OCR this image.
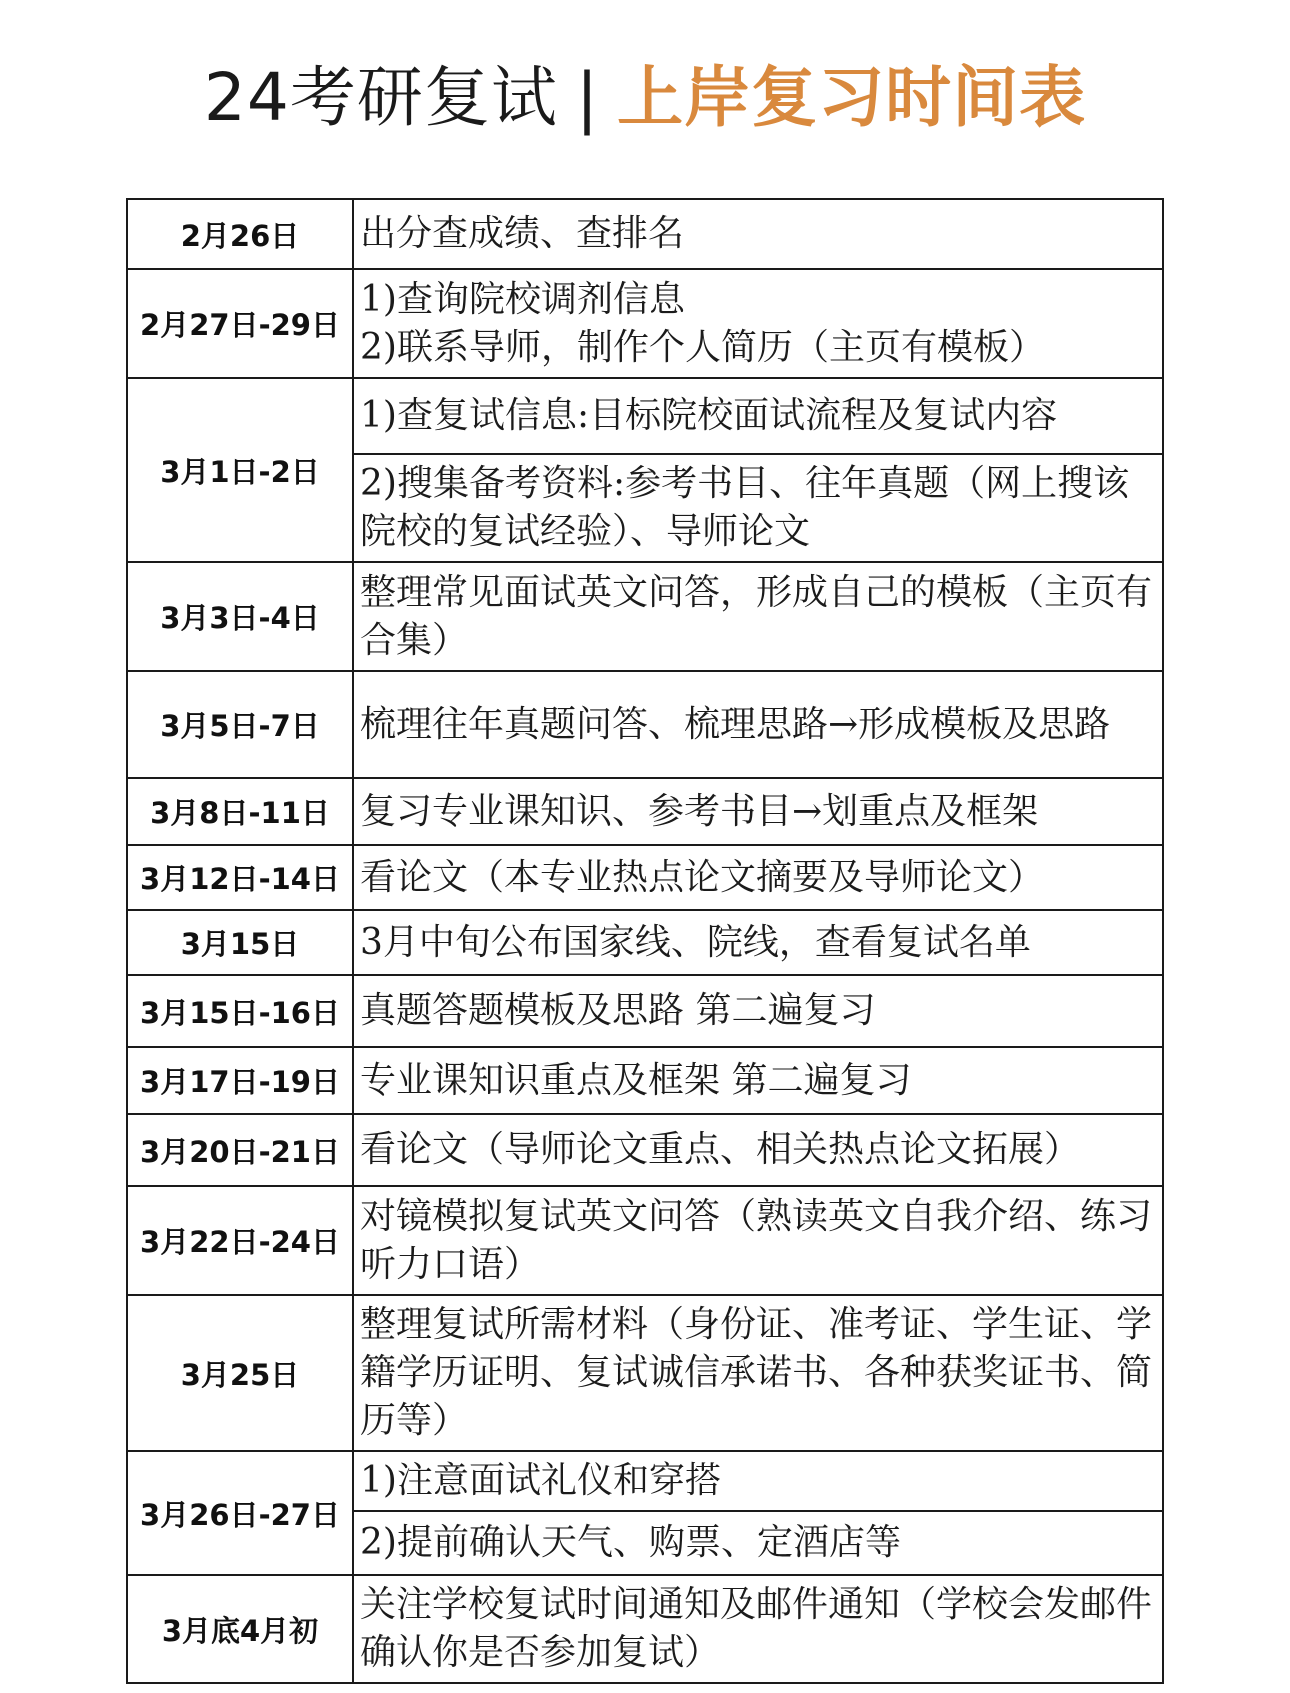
24考研复试 | 上岸复习时间表
2月26日	出分查成绩、查排名
2月27日-29日	1)查询院校调剂信息
2)联系导师，制作个人简历（主页有模板）
3月1日-2日	1)查复试信息:目标院校面试流程及复试内容
	2)搜集备考资料:参考书目、往年真题（网上搜该院校的复试经验）、导师论文
3月3日-4日	整理常见面试英文问答，形成自己的模板（主页有合集）
3月5日-7日	梳理往年真题问答、梳理思路→形成模板及思路
3月8日-11日	复习专业课知识、参考书目→划重点及框架
3月12日-14日	看论文（本专业热点论文摘要及导师论文）
3月15日	3月中旬公布国家线、院线，查看复试名单
3月15日-16日	真题答题模板及思路 第二遍复习
3月17日-19日	专业课知识重点及框架 第二遍复习
3月20日-21日	看论文（导师论文重点、相关热点论文拓展）
3月22日-24日	对镜模拟复试英文问答（熟读英文自我介绍、练习听力口语）
3月25日	整理复试所需材料（身份证、准考证、学生证、学籍学历证明、复试诚信承诺书、各种获奖证书、简历等）
3月26日-27日	1)注意面试礼仪和穿搭
	2)提前确认天气、购票、定酒店等
3月底4月初	关注学校复试时间通知及邮件通知（学校会发邮件确认你是否参加复试）
